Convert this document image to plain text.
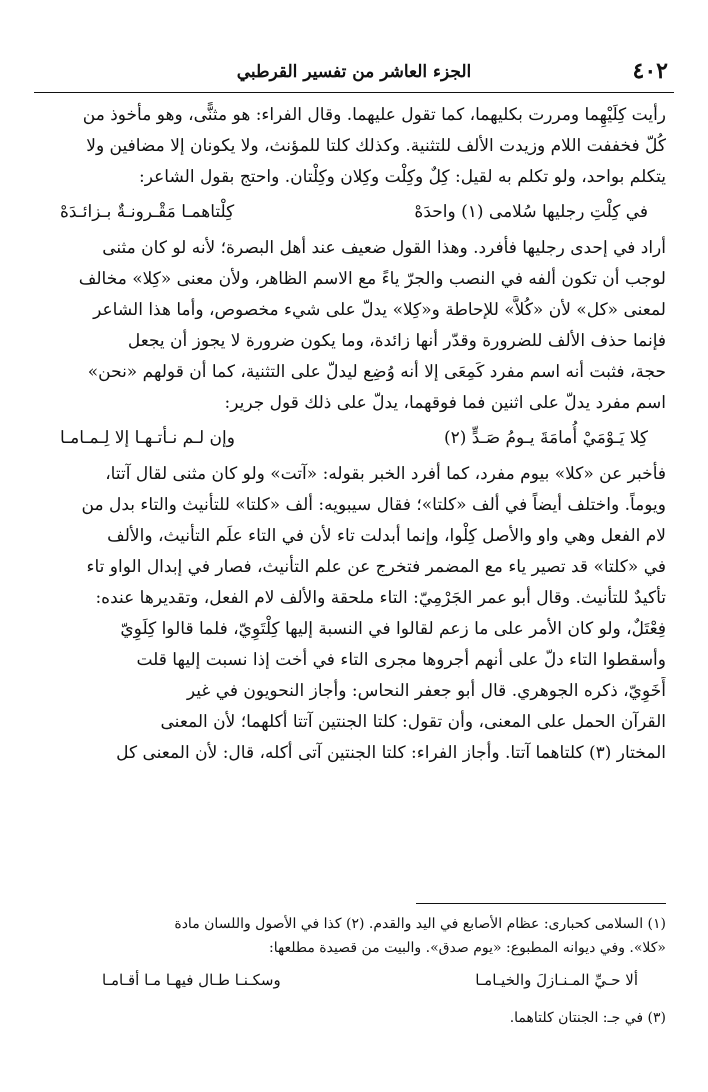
٤٠٢
الجزء العاشر من تفسير القرطبي
رأيت كِلَيْهِما ومررت بكليهما، كما تقول عليهما. وقال الفراء: هو مثنًّى، وهو مأخوذ من
كُلّ فخففت اللام وزيدت الألف للتثنية. وكذلك كلتا للمؤنث، ولا يكونان إلا مضافين ولا
يتكلم بواحد، ولو تكلم به لقيل: كِلٌ وكِلْت وكِلان وكِلْتان. واحتج بقول الشاعر:
في كِلْتِ رجليها سُلامى (١) واحدَهْ
كِلْتاهمـا مَقْـرونـةٌ بـزائـدَهْ
أراد في إحدى رجليها فأفرد. وهذا القول ضعيف عند أهل البصرة؛ لأنه لو كان مثنى
لوجب أن تكون ألفه في النصب والجرّ ياءً مع الاسم الظاهر، ولأن معنى «كِلا» مخالف
لمعنى «كل» لأن «كُلاًّ» للإحاطة و«كِلا» يدلّ على شيء مخصوص، وأما هذا الشاعر
فإنما حذف الألف للضرورة وقدّر أنها زائدة، وما يكون ضرورة لا يجوز أن يجعل
حجة، فثبت أنه اسم مفرد كَمِعَى إلا أنه وُضِع ليدلّ على التثنية، كما أن قولهم «نحن»
اسم مفرد يدلّ على اثنين فما فوقهما، يدلّ على ذلك قول جرير:
كِلا يَـوْمَيْ أُمامَةَ يـومُ صَـدٍّ (٢)
وإن لـم نـأتـهـا إلا لِـمـامـا
فأخبر عن «كلا» بيوم مفرد، كما أفرد الخبر بقوله: «آتت» ولو كان مثنى لقال آتتا،
ويوماً. واختلف أيضاً في ألف «كلتا»؛ فقال سيبويه: ألف «كلتا» للتأنيث والتاء بدل من
لام الفعل وهي واو والأصل كِلْوا، وإنما أبدلت تاء لأن في التاء علَم التأنيث، والألف
في «كلتا» قد تصير ياء مع المضمر فتخرج عن علم التأنيث، فصار في إبدال الواو تاء
تأكيدٌ للتأنيث. وقال أبو عمر الجَرْمِيّ: التاء ملحقة والألف لام الفعل، وتقديرها عنده:
فِعْتَلٌ، ولو كان الأمر على ما زعم لقالوا في النسبة إليها كِلْتَوِيّ، فلما قالوا كِلَوِيّ
وأسقطوا التاء دلّ على أنهم أجروها مجرى التاء في أخت إذا نسبت إليها قلت
أَخَوِيّ، ذكره الجوهري. قال أبو جعفر النحاس: وأجاز النحويون في غير
القرآن الحمل على المعنى، وأن تقول: كلتا الجنتين آتتا أكلهما؛ لأن المعنى
المختار (٣) كلتاهما آتتا. وأجاز الفراء: كلتا الجنتين آتى أكله، قال: لأن المعنى كل
(١) السلامى كحبارى: عظام الأصابع في اليد والقدم. (٢) كذا في الأصول واللسان مادة
«كلا». وفي ديوانه المطبوع: «يوم صدق». والبيت من قصيدة مطلعها:
ألا حـيِّ المـنـازلَ والخيـامـا
وسكـنـا طـال فيهـا مـا أقـامـا
(٣) في جـ: الجنتان كلتاهما.
